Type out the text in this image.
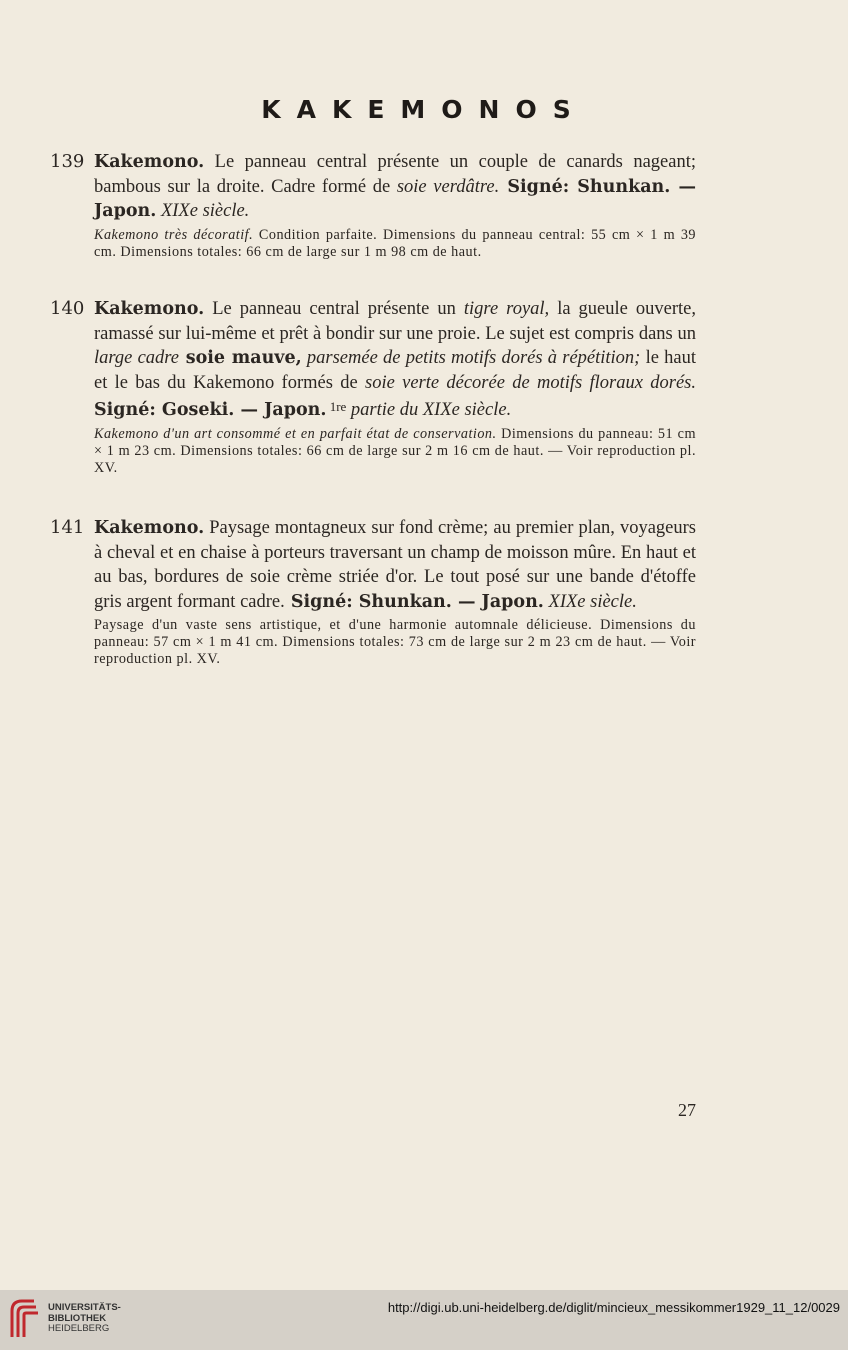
KAKEMONOS
139 Kakemono. Le panneau central présente un couple de canards nageant; bambous sur la droite. Cadre formé de soie verdâtre. Signé: Shunkan. — Japon. XIXe siècle.
Kakemono très décoratif. Condition parfaite. Dimensions du panneau central: 55 cm × 1 m 39 cm. Dimensions totales: 66 cm de large sur 1 m 98 cm de haut.
140 Kakemono. Le panneau central présente un tigre royal, la gueule ouverte, ramassé sur lui-même et prêt à bondir sur une proie. Le sujet est compris dans un large cadre soie mauve, parsemée de petits motifs dorés à répétition; le haut et le bas du Kakemono formés de soie verte décorée de motifs floraux dorés. Signé: Goseki. — Japon. $^{1re}$ partie du XIXe siècle.
Kakemono d'un art consommé et en parfait état de conservation. Dimensions du panneau: 51 cm × 1 m 23 cm. Dimensions totales: 66 cm de large sur 2 m 16 cm de haut. — Voir reproduction pl. XV.
141 Kakemono. Paysage montagneux sur fond crème; au premier plan, voyageurs à cheval et en chaise à porteurs traversant un champ de moisson mûre. En haut et au bas, bordures de soie crème striée d'or. Le tout posé sur une bande d'étoffe gris argent formant cadre. Signé: Shunkan. — Japon. XIXe siècle.
Paysage d'un vaste sens artistique, et d'une harmonie automnale délicieuse. Dimensions du panneau: 57 cm × 1 m 41 cm. Dimensions totales: 73 cm de large sur 2 m 23 cm de haut. — Voir reproduction pl. XV.
27
UNIVERSITÄTS-
BIBLIOTHEK
HEIDELBERG
http://digi.ub.uni-heidelberg.de/diglit/mincieux_messikommer1929_11_12/0029
